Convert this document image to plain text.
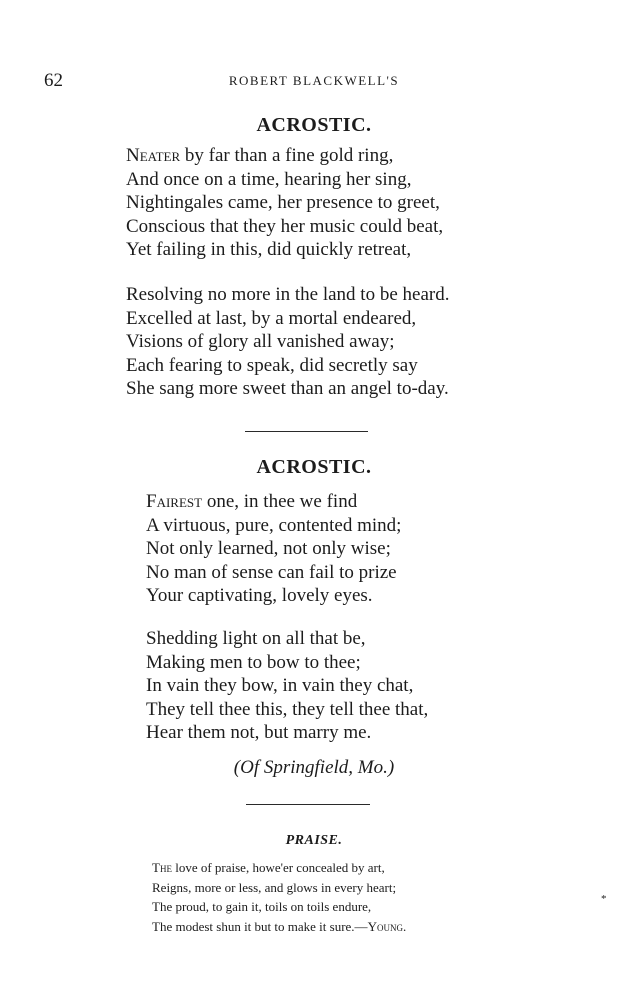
62	ROBERT BLACKWELL'S
ACROSTIC.
Neater by far than a fine gold ring,
And once on a time, hearing her sing,
Nightingales came, her presence to greet,
Conscious that they her music could beat,
Yet failing in this, did quickly retreat,
Resolving no more in the land to be heard.
Excelled at last, by a mortal endeared,
Visions of glory all vanished away;
Each fearing to speak, did secretly say
She sang more sweet than an angel to-day.
ACROSTIC.
Fairest one, in thee we find
A virtuous, pure, contented mind;
Not only learned, not only wise;
No man of sense can fail to prize
Your captivating, lovely eyes.
Shedding light on all that be,
Making men to bow to thee;
In vain they bow, in vain they chat,
They tell thee this, they tell thee that,
Hear them not, but marry me.
(Of Springfield, Mo.)
PRAISE.
The love of praise, howe'er concealed by art,
Reigns, more or less, and glows in every heart;
The proud, to gain it, toils on toils endure,
The modest shun it but to make it sure.—Young.
*
